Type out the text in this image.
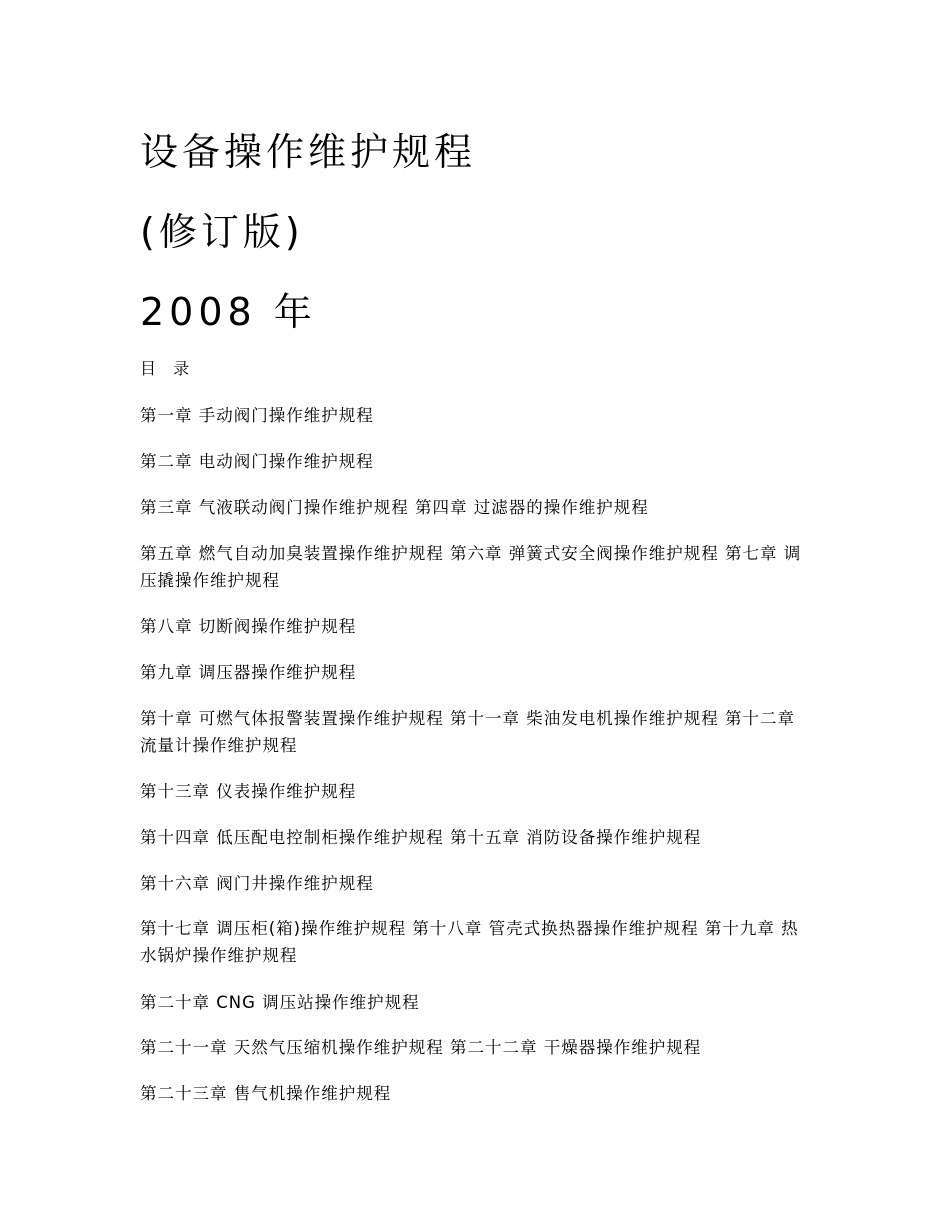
设备操作维护规程
(修订版)
2008 年
目 录
第一章 手动阀门操作维护规程
第二章 电动阀门操作维护规程
第三章 气液联动阀门操作维护规程 第四章 过滤器的操作维护规程
第五章 燃气自动加臭装置操作维护规程 第六章 弹簧式安全阀操作维护规程 第七章 调压撬操作维护规程
第八章 切断阀操作维护规程
第九章 调压器操作维护规程
第十章 可燃气体报警装置操作维护规程 第十一章 柴油发电机操作维护规程 第十二章 流量计操作维护规程
第十三章 仪表操作维护规程
第十四章 低压配电控制柜操作维护规程 第十五章 消防设备操作维护规程
第十六章 阀门井操作维护规程
第十七章 调压柜(箱)操作维护规程 第十八章 管壳式换热器操作维护规程 第十九章 热水锅炉操作维护规程
第二十章 CNG 调压站操作维护规程
第二十一章 天然气压缩机操作维护规程 第二十二章 干燥器操作维护规程
第二十三章 售气机操作维护规程
